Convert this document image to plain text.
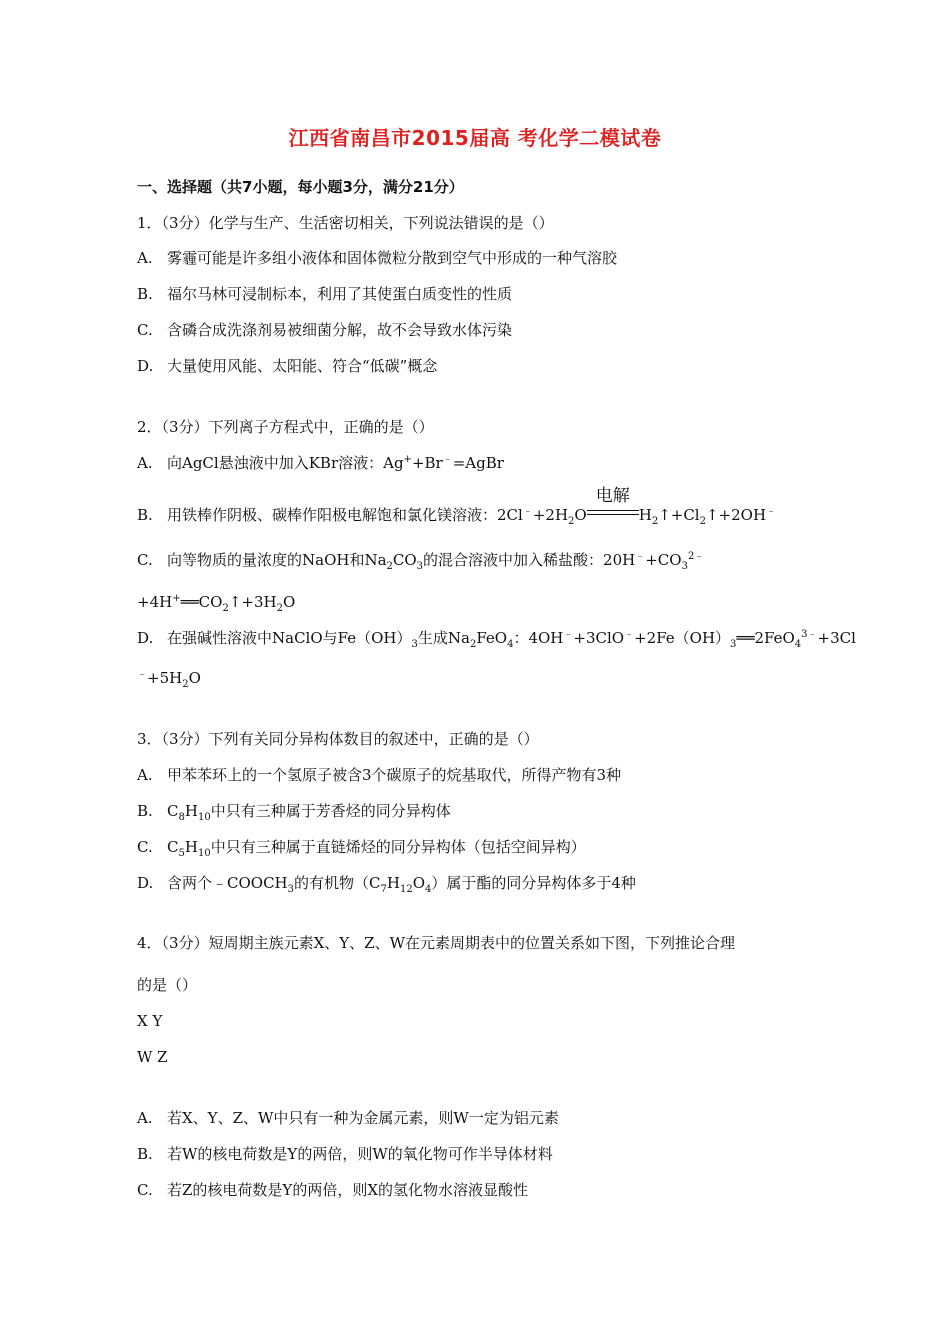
江西省南昌市2015届高 考化学二模试卷
一、选择题（共7小题，每小题3分，满分21分）
1．（3分）化学与生产、生活密切相关，下列说法错误的是（）
A. 雾霾可能是许多组小液体和固体微粒分散到空气中形成的一种气溶胶
B. 福尔马林可浸制标本，利用了其使蛋白质变性的性质
C. 含磷合成洗涤剂易被细菌分解，故不会导致水体污染
D. 大量使用风能、太阳能、符合“低碳”概念
2．（3分）下列离子方程式中，正确的是（）
A. 向AgCl悬浊液中加入KBr溶液：Ag++Br﹣=AgBr
B. 用铁棒作阴极、碳棒作阳极电解饱和氯化镁溶液：$2Cl^﹣+2H_2O$
电解
$H_2↑+Cl_2↑+2OH^﹣$
C. 向等物质的量浓度的NaOH和$Na_2CO_3$的混合溶液中加入稀盐酸：$20H^﹣+CO_3^{2﹣}$
$+4H^+══CO_2↑+3H_2O$
D. 在强碱性溶液中NaClO与$Fe(OH)_3$生成$Na_2FeO_4$：$4OH^﹣+3ClO^﹣+2Fe(OH)_3══2FeO_4^{3﹣}+3Cl$
$^﹣+5H_2O$
3．（3分）下列有关同分异构体数目的叙述中，正确的是（）
A. 甲苯苯环上的一个氢原子被含3个碳原子的烷基取代，所得产物有3种
B. $C_8H_{10}$中只有三种属于芳香烃的同分异构体
C. $C_5H_{10}$中只有三种属于直链烯烃的同分异构体（包括空间异构）
D. 含两个$﹣COOCH_3$的有机物$(C_7H_{12}O_4)$属于酯的同分异构体多于4种
4．（3分）短周期主族元素X、Y、Z、W在元素周期表中的位置关系如下图，下列推论合理
的是（）
X Y
W Z
A. 若X、Y、Z、W中只有一种为金属元素，则W一定为铝元素
B. 若W的核电荷数是Y的两倍，则W的氧化物可作半导体材料
C. 若Z的核电荷数是Y的两倍，则X的氢化物水溶液显酸性
